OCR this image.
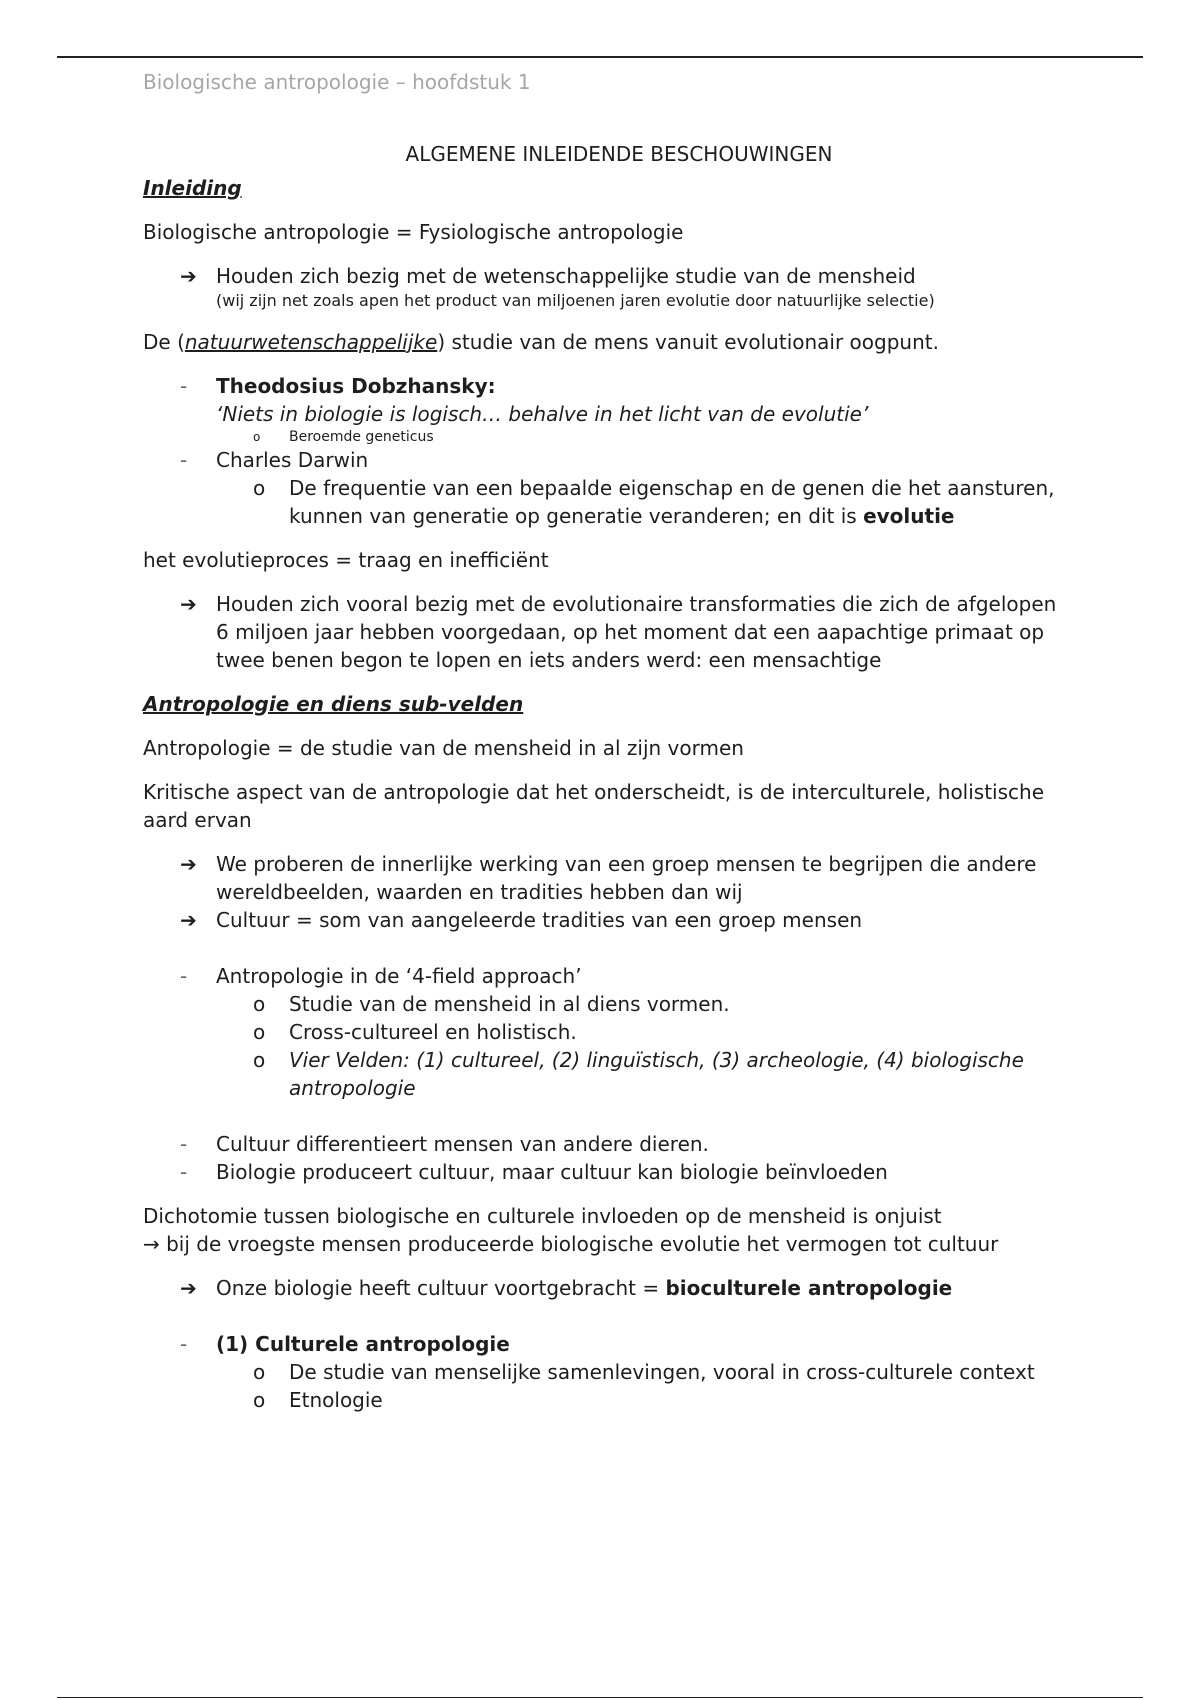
Biologische antropologie – hoofdstuk 1
ALGEMENE INLEIDENDE BESCHOUWINGEN
Inleiding

Biologische antropologie = Fysiologische antropologie

➔ Houden zich bezig met de wetenschappelijke studie van de mensheid
(wij zijn net zoals apen het product van miljoenen jaren evolutie door natuurlijke selectie)

De (natuurwetenschappelijke) studie van de mens vanuit evolutionair oogpunt.

- Theodosius Dobzhansky:
‘Niets in biologie is logisch… behalve in het licht van de evolutie’
o Beroemde geneticus
- Charles Darwin
o De frequentie van een bepaalde eigenschap en de genen die het aansturen, kunnen van generatie op generatie veranderen; en dit is evolutie

het evolutieproces = traag en inefficiënt

➔ Houden zich vooral bezig met de evolutionaire transformaties die zich de afgelopen 6 miljoen jaar hebben voorgedaan, op het moment dat een aapachtige primaat op twee benen begon te lopen en iets anders werd: een mensachtige
Antropologie en diens sub-velden

Antropologie = de studie van de mensheid in al zijn vormen

Kritische aspect van de antropologie dat het onderscheidt, is de interculturele, holistische aard ervan

➔ We proberen de innerlijke werking van een groep mensen te begrijpen die andere wereldbeelden, waarden en tradities hebben dan wij
➔ Cultuur = som van aangeleerde tradities van een groep mensen
- Antropologie in de ‘4-field approach’
o Studie van de mensheid in al diens vormen.
o Cross-cultureel en holistisch.
o Vier Velden: (1) cultureel, (2) linguïstisch, (3) archeologie, (4) biologische antropologie
- Cultuur differentieert mensen van andere dieren.
- Biologie produceert cultuur, maar cultuur kan biologie beïnvloeden
Dichotomie tussen biologische en culturele invloeden op de mensheid is onjuist
→ bij de vroegste mensen produceerde biologische evolutie het vermogen tot cultuur
➔ Onze biologie heeft cultuur voortgebracht = bioculturele antropologie
- (1) Culturele antropologie
o De studie van menselijke samenlevingen, vooral in cross-culturele context
o Etnologie
